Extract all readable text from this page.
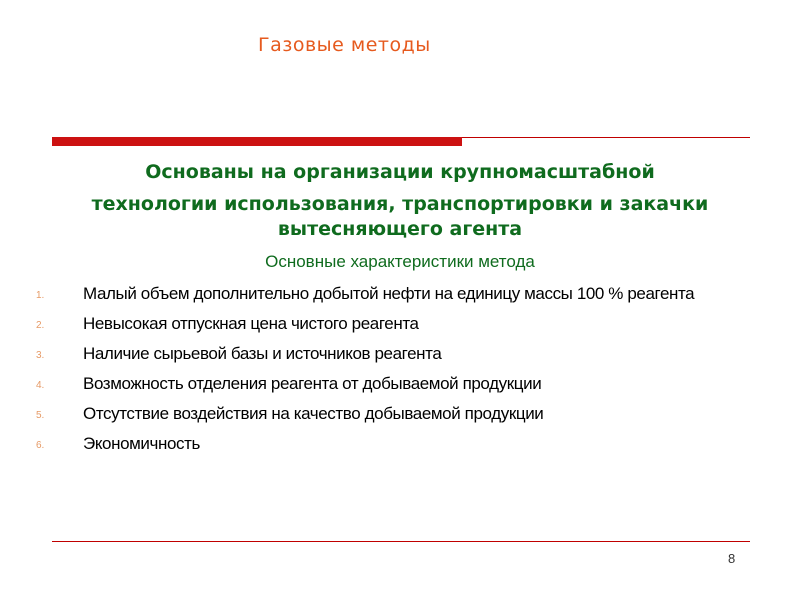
Газовые методы
Основаны на организации крупномасштабной
технологии использования, транспортировки и закачки
вытесняющего агента
Основные характеристики метода
1.	Малый объем дополнительно добытой нефти на единицу массы 100 % реагента
2.	Невысокая отпускная цена чистого реагента
3.	Наличие сырьевой базы и источников реагента
4.	Возможность отделения реагента от добываемой продукции
5.	Отсутствие воздействия на качество добываемой продукции
6.	Экономичность
8
